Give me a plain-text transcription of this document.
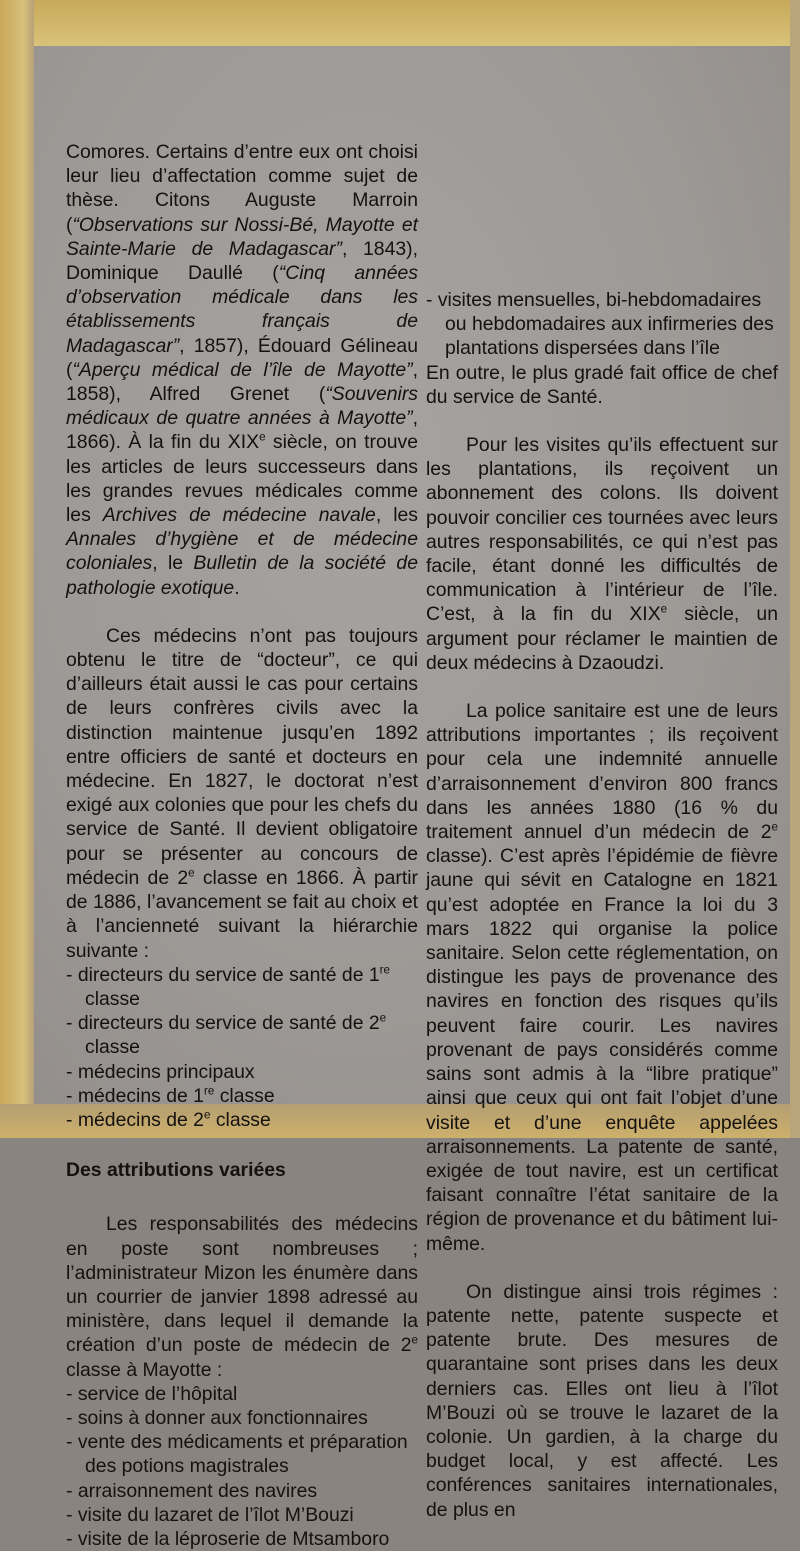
Comores. Certains d’entre eux ont choisi leur lieu d’affectation comme sujet de thèse. Citons Auguste Marroin (“Observations sur Nossi-Bé, Mayotte et Sainte-Marie de Madagascar”, 1843), Dominique Daullé (“Cinq années d’observation médicale dans les établissements français de Madagascar”, 1857), Édouard Gélineau (“Aperçu médical de l’île de Mayotte”, 1858), Alfred Grenet (“Souvenirs médicaux de quatre années à Mayotte”, 1866). À la fin du XIXe siècle, on trouve les articles de leurs successeurs dans les grandes revues médicales comme les Archives de médecine navale, les Annales d’hygiène et de médecine coloniales, le Bulletin de la société de pathologie exotique.

Ces médecins n’ont pas toujours obtenu le titre de “docteur”, ce qui d’ailleurs était aussi le cas pour certains de leurs confrères civils avec la distinction maintenue jusqu’en 1892 entre officiers de santé et docteurs en médecine. En 1827, le doctorat n’est exigé aux colonies que pour les chefs du service de Santé. Il devient obligatoire pour se présenter au concours de médecin de 2e classe en 1866. À partir de 1886, l’avancement se fait au choix et à l’ancienneté suivant la hiérarchie suivante :

- directeurs du service de santé de 1re classe
- directeurs du service de santé de 2e classe
- médecins principaux
- médecins de 1re classe
- médecins de 2e classe
Des attributions variées

Les responsabilités des médecins en poste sont nombreuses ; l’administrateur Mizon les énumère dans un courrier de janvier 1898 adressé au ministère, dans lequel il demande la création d’un poste de médecin de 2e classe à Mayotte :

- service de l’hôpital
- soins à donner aux fonctionnaires
- vente des médicaments et préparation des potions magistrales
- arraisonnement des navires
- visite du lazaret de l’îlot M’Bouzi
- visite de la léproserie de Mtsamboro
- visites mensuelles, bi-hebdomadaires ou hebdomadaires aux infirmeries des plantations dispersées dans l’île

En outre, le plus gradé fait office de chef du service de Santé.

Pour les visites qu’ils effectuent sur les plantations, ils reçoivent un abonnement des colons. Ils doivent pouvoir concilier ces tournées avec leurs autres responsabilités, ce qui n’est pas facile, étant donné les difficultés de communication à l’intérieur de l’île. C’est, à la fin du XIXe siècle, un argument pour réclamer le maintien de deux médecins à Dzaoudzi.

La police sanitaire est une de leurs attributions importantes ; ils reçoivent pour cela une indemnité annuelle d’arraisonnement d’environ 800 francs dans les années 1880 (16 % du traitement annuel d’un médecin de 2e classe). C’est après l’épidémie de fièvre jaune qui sévit en Catalogne en 1821 qu’est adoptée en France la loi du 3 mars 1822 qui organise la police sanitaire. Selon cette réglementation, on distingue les pays de provenance des navires en fonction des risques qu’ils peuvent faire courir. Les navires provenant de pays considérés comme sains sont admis à la “libre pratique” ainsi que ceux qui ont fait l’objet d’une visite et d’une enquête appelées arraisonnements. La patente de santé, exigée de tout navire, est un certificat faisant connaître l’état sanitaire de la région de provenance et du bâtiment lui-même.

On distingue ainsi trois régimes : patente nette, patente suspecte et patente brute. Des mesures de quarantaine sont prises dans les deux derniers cas. Elles ont lieu à l’îlot M’Bouzi où se trouve le lazaret de la colonie. Un gardien, à la charge du budget local, y est affecté. Les conférences sanitaires internationales, de plus en
